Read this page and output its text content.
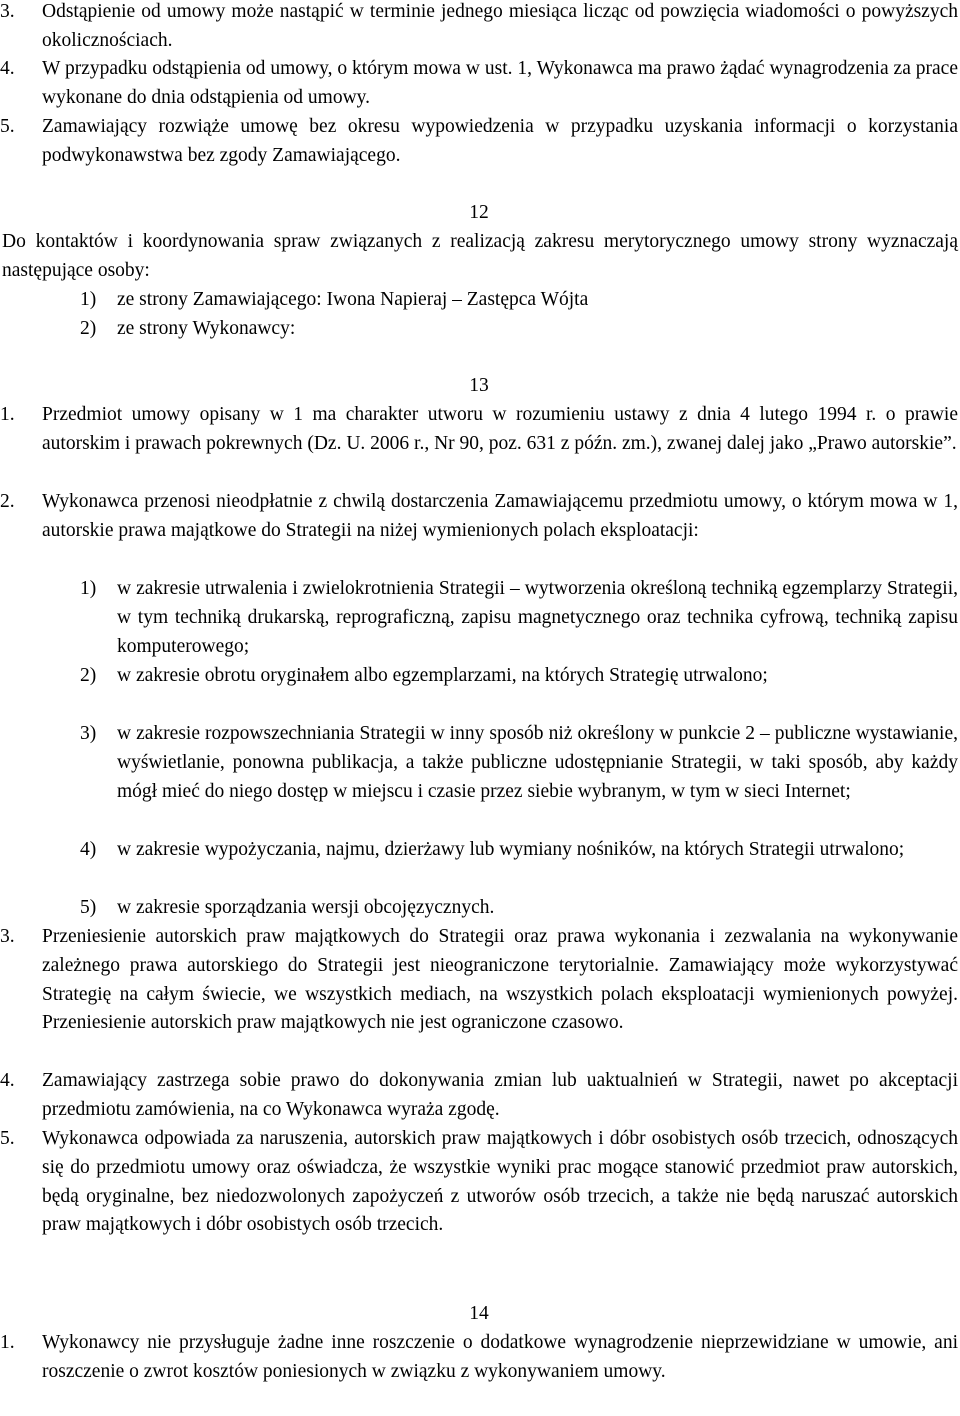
3.	Odstąpienie od umowy może nastąpić w terminie jednego miesiąca licząc od powzięcia wiadomości o powyższych okolicznościach.

4.	W przypadku odstąpienia od umowy, o którym mowa w ust. 1, Wykonawca ma prawo żądać wynagrodzenia za prace wykonane do dnia odstąpienia od umowy.

5.	Zamawiający rozwiąże umowę bez okresu wypowiedzenia w przypadku uzyskania informacji o korzystania podwykonawstwa bez zgody Zamawiającego.

12

Do kontaktów i koordynowania spraw związanych z realizacją zakresu merytorycznego umowy strony wyznaczają następujące osoby:

1)	ze strony Zamawiającego: Iwona Napieraj – Zastępca Wójta

2)	ze strony Wykonawcy:

13

1.	Przedmiot umowy opisany w 1 ma charakter utworu w rozumieniu ustawy z dnia 4 lutego 1994 r. o prawie autorskim i prawach pokrewnych (Dz. U. 2006 r., Nr 90, poz. 631 z późn. zm.), zwanej dalej jako „Prawo autorskie”.

2.	Wykonawca przenosi nieodpłatnie z chwilą dostarczenia Zamawiającemu przedmiotu umowy, o którym mowa w 1, autorskie prawa majątkowe do Strategii na niżej wymienionych polach eksploatacji:

1)	w zakresie utrwalenia i zwielokrotnienia Strategii – wytworzenia określoną techniką egzemplarzy Strategii, w tym techniką drukarską, reprograficzną, zapisu magnetycznego oraz technika cyfrową, techniką zapisu komputerowego;

2)	w zakresie obrotu oryginałem albo egzemplarzami, na których Strategię utrwalono;

3)	w zakresie rozpowszechniania Strategii w inny sposób niż określony w punkcie 2 – publiczne wystawianie, wyświetlanie, ponowna publikacja, a także publiczne udostępnianie Strategii, w taki sposób, aby każdy mógł mieć do niego dostęp w miejscu i czasie przez siebie wybranym, w tym w sieci Internet;

4)	w zakresie wypożyczania, najmu, dzierżawy lub wymiany nośników, na których Strategii utrwalono;

5)	w zakresie sporządzania wersji obcojęzycznych.

3.	Przeniesienie autorskich praw majątkowych do Strategii oraz prawa wykonania i zezwalania na wykonywanie zależnego prawa autorskiego do Strategii jest nieograniczone terytorialnie. Zamawiający może wykorzystywać Strategię na całym świecie, we wszystkich mediach, na wszystkich polach eksploatacji wymienionych powyżej. Przeniesienie autorskich praw majątkowych nie jest ograniczone czasowo.

4.	Zamawiający zastrzega sobie prawo do dokonywania zmian lub uaktualnień w Strategii, nawet po akceptacji przedmiotu zamówienia, na co Wykonawca wyraża zgodę.

5.	Wykonawca odpowiada za naruszenia, autorskich praw majątkowych i dóbr osobistych osób trzecich, odnoszących się do przedmiotu umowy oraz oświadcza, że wszystkie wyniki prac mogące stanowić przedmiot praw autorskich, będą oryginalne, bez niedozwolonych zapożyczeń z utworów osób trzecich, a także nie będą naruszać autorskich praw majątkowych i dóbr osobistych osób trzecich.

14

1.	Wykonawcy nie przysługuje żadne inne roszczenie o dodatkowe wynagrodzenie nieprzewidziane w umowie, ani roszczenie o zwrot kosztów poniesionych w związku z wykonywaniem umowy.
